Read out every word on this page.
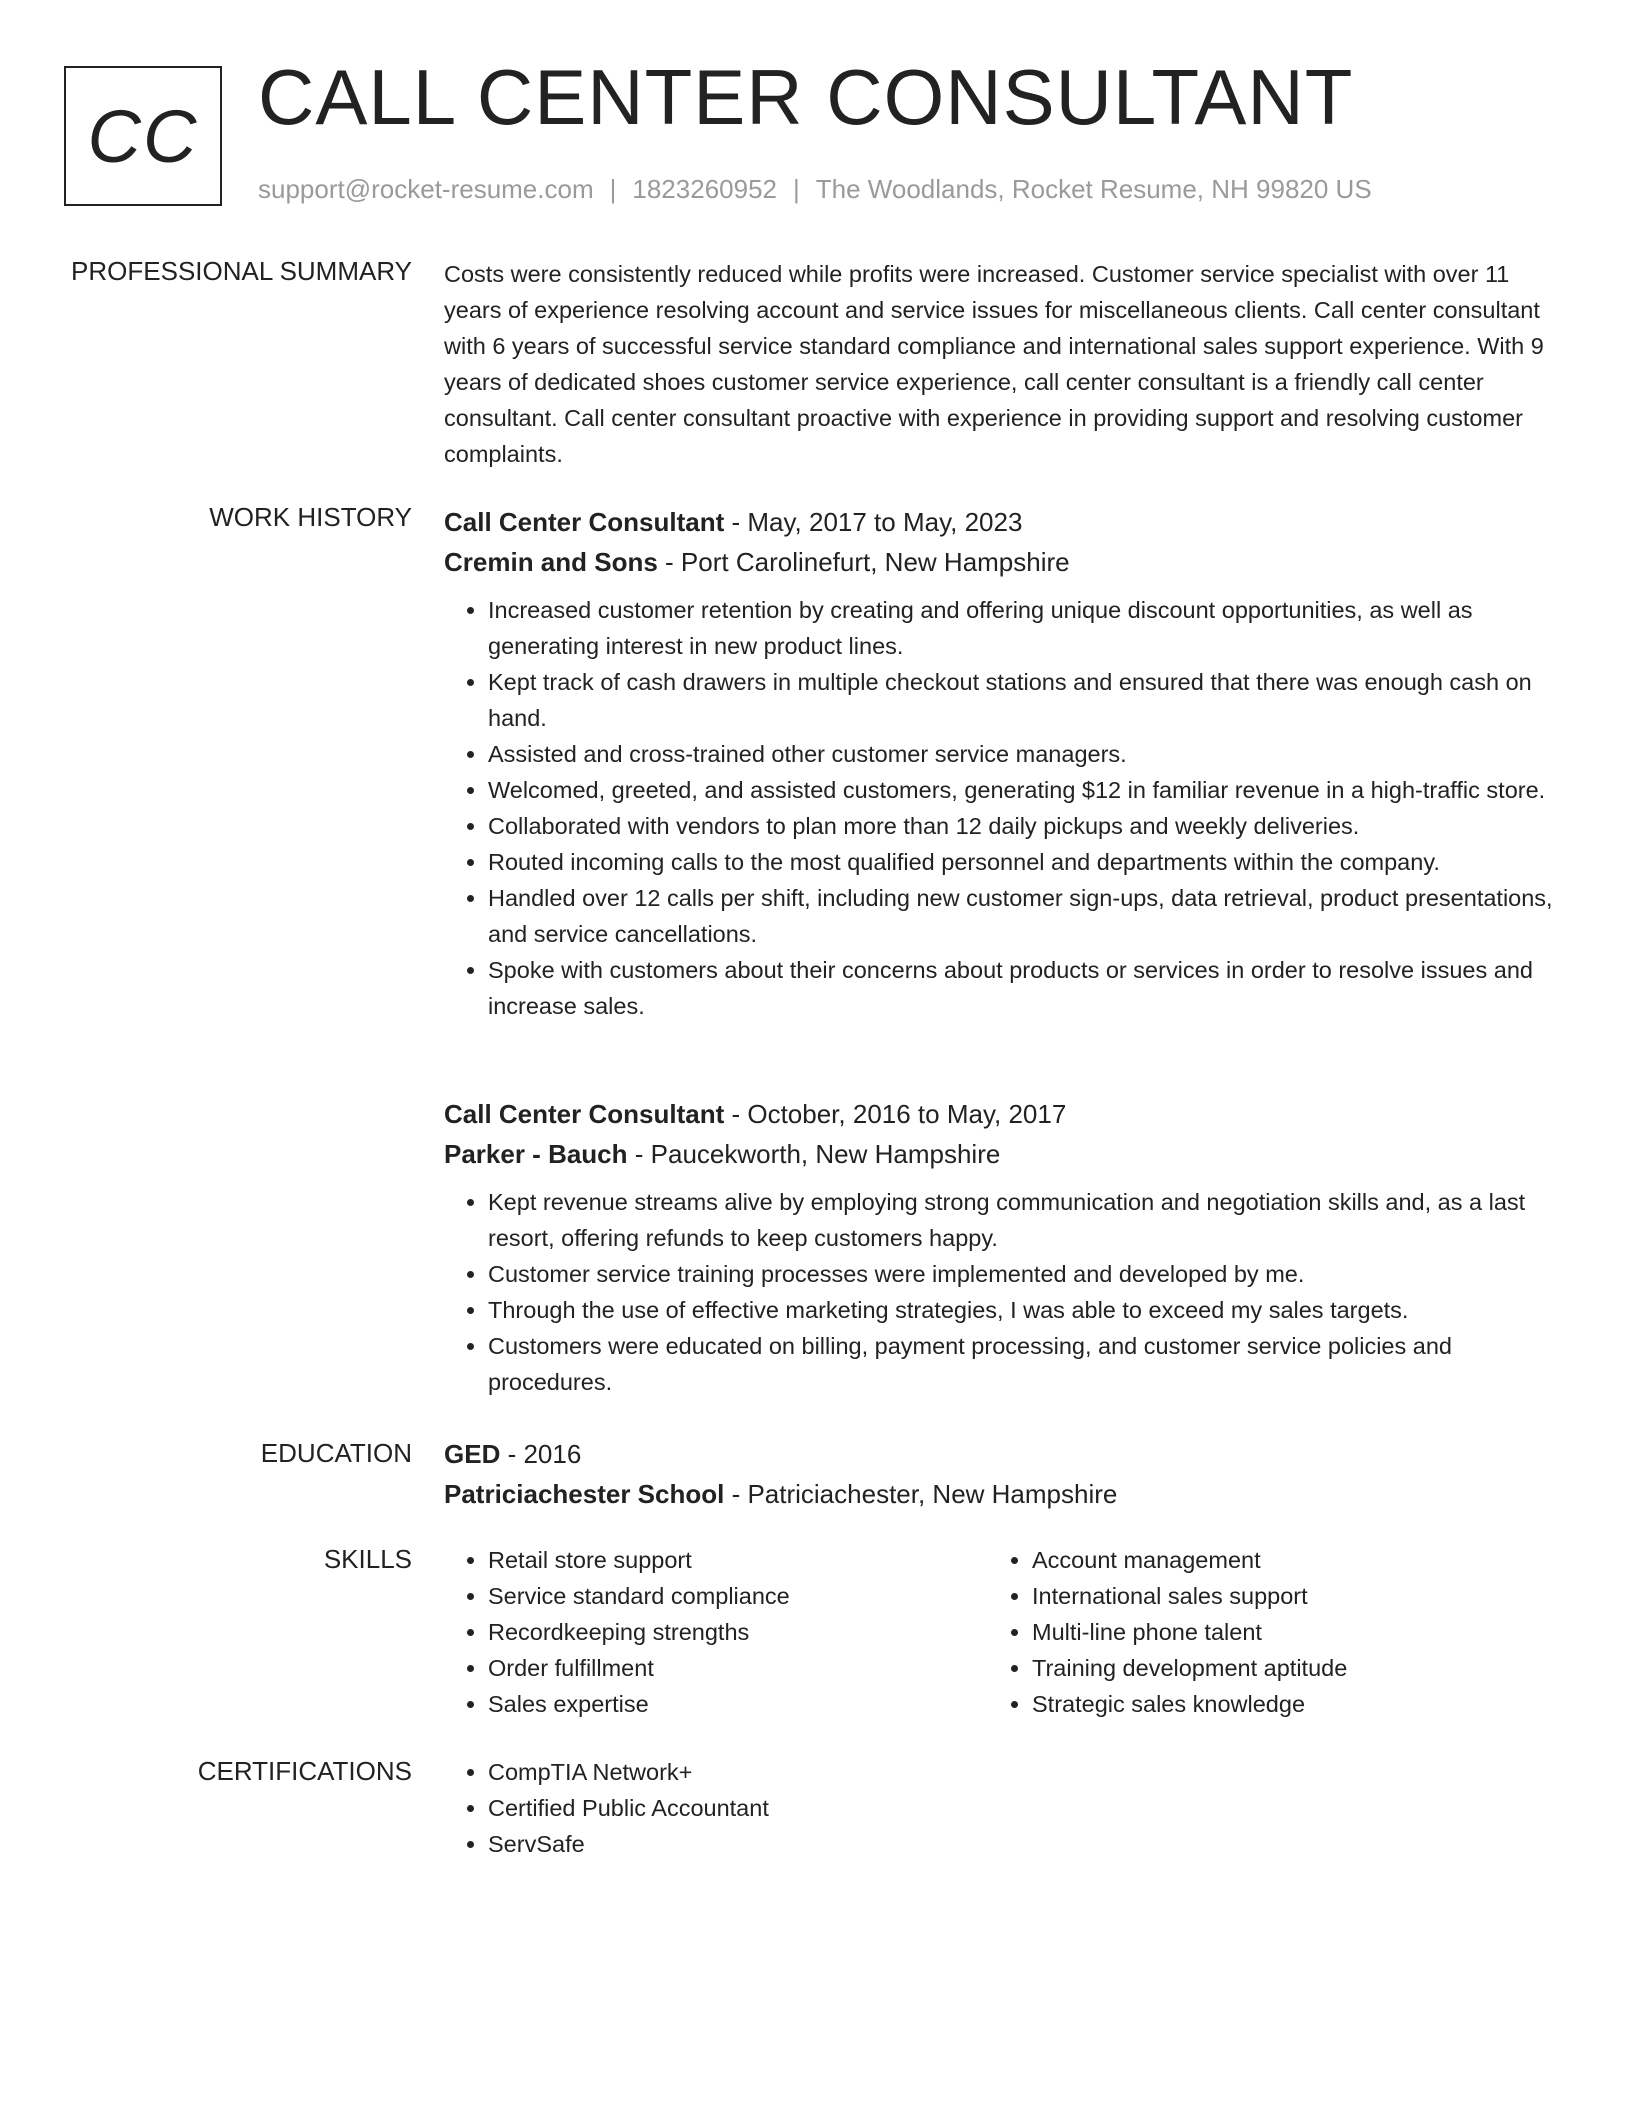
CC CALL CENTER CONSULTANT
support@rocket-resume.com | 1823260952 | The Woodlands, Rocket Resume, NH 99820 US
PROFESSIONAL SUMMARY Costs were consistently reduced while profits were increased. Customer service specialist with over 11 years of experience resolving account and service issues for miscellaneous clients. Call center consultant with 6 years of successful service standard compliance and international sales support experience. With 9 years of dedicated shoes customer service experience, call center consultant is a friendly call center consultant. Call center consultant proactive with experience in providing support and resolving customer complaints.
WORK HISTORY Call Center Consultant - May, 2017 to May, 2023
Cremin and Sons - Port Carolinefurt, New Hampshire
• Increased customer retention by creating and offering unique discount opportunities, as well as generating interest in new product lines.
• Kept track of cash drawers in multiple checkout stations and ensured that there was enough cash on hand.
• Assisted and cross-trained other customer service managers.
• Welcomed, greeted, and assisted customers, generating $12 in familiar revenue in a high-traffic store.
• Collaborated with vendors to plan more than 12 daily pickups and weekly deliveries.
• Routed incoming calls to the most qualified personnel and departments within the company.
• Handled over 12 calls per shift, including new customer sign-ups, data retrieval, product presentations, and service cancellations.
• Spoke with customers about their concerns about products or services in order to resolve issues and increase sales.
Call Center Consultant - October, 2016 to May, 2017
Parker - Bauch - Paucekworth, New Hampshire
• Kept revenue streams alive by employing strong communication and negotiation skills and, as a last resort, offering refunds to keep customers happy.
• Customer service training processes were implemented and developed by me.
• Through the use of effective marketing strategies, I was able to exceed my sales targets.
• Customers were educated on billing, payment processing, and customer service policies and procedures.
EDUCATION GED - 2016
Patriciachester School - Patriciachester, New Hampshire
SKILLS	• Retail store support
• Service standard compliance
• Recordkeeping strengths
• Order fulfillment
• Sales expertise
• Account management
• International sales support
• Multi-line phone talent
• Training development aptitude
• Strategic sales knowledge
CERTIFICATIONS	• CompTIA Network+
• Certified Public Accountant
• ServSafe
